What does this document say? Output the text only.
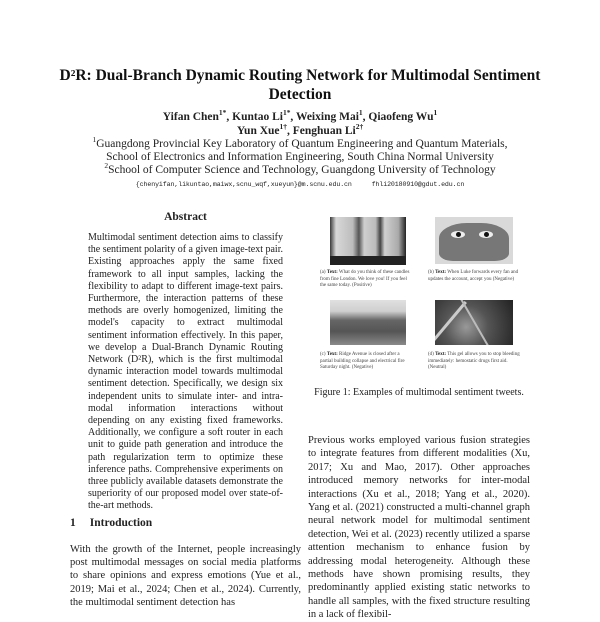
D²R: Dual-Branch Dynamic Routing Network for Multimodal Sentiment Detection
Yifan Chen$^{1*}$, Kuntao $Li^{1*}$, Weixing Mai$^1$, Qiaofeng Wu$^1$
Yun Xue$^{1\dagger}$, Fenghuan $Li^{2\dagger}$
$^1$Guangdong Provincial Key Laboratory of Quantum Engineering and Quantum Materials,
School of Electronics and Information Engineering, South China Normal University
$^2$School of Computer Science and Technology, Guangdong University of Technology
{chenyifan,likuntao,maiwx,scnu_wqf,xueyun}@m.scnu.edu.cn	fhli20180910@gdut.edu.cn
Abstract
Multimodal sentiment detection aims to classify the sentiment polarity of a given image-text pair. Existing approaches apply the same fixed framework to all input samples, lacking the flexibility to adapt to different image-text pairs. Furthermore, the interaction patterns of these methods are overly homogenized, limiting the model's capacity to extract multimodal sentiment information effectively. In this paper, we develop a Dual-Branch Dynamic Routing Network (D²R), which is the first multimodal dynamic interaction model towards multimodal sentiment detection. Specifically, we design six independent units to simulate inter- and intra-modal information interactions without depending on any existing fixed frameworks. Additionally, we configure a soft router in each unit to guide path generation and introduce the path regularization term to optimize these inference paths. Comprehensive experiments on three publicly available datasets demonstrate the superiority of our proposed model over state-of-the-art methods.
1 Introduction
With the growth of the Internet, people increasingly post multimodal messages on social media platforms to share opinions and express emotions (Yue et al., 2019; Mai et al., 2024; Chen et al., 2024). Currently, the multimodal sentiment detection has
(a) Text: What do you think of these candles from fine London. We love you! If you feel the same today. (Positive)
(b) Text: When Luke forwards every fan and updates the account, accept you (Negative)
(c) Text: Ridge Avenue is closed after a partial building collapse and electrical fire Saturday night. (Negative)
(d) Text: This gel allows you to stop bleeding immediately: hemostatic drugs first aid. (Neutral)
Figure 1: Examples of multimodal sentiment tweets.
Previous works employed various fusion strategies to integrate features from different modalities (Xu, 2017; Xu and Mao, 2017). Other approaches introduced memory networks for inter-modal interactions (Xu et al., 2018; Yang et al., 2020). Yang et al. (2021) constructed a multi-channel graph neural network model for multimodal sentiment detection, Wei et al. (2023) recently utilized a sparse attention mechanism to enhance fusion by addressing modal heterogeneity. Although these methods have shown promising results, they predominantly applied existing static networks to handle all samples, with the fixed structure resulting in a lack of flexibil-
